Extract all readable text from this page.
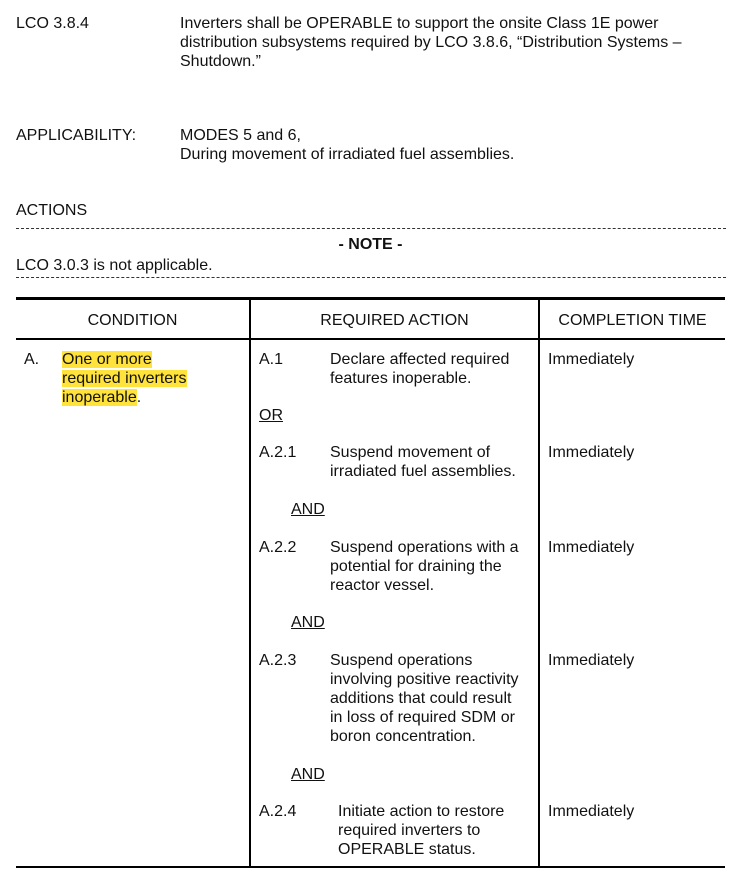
LCO 3.8.4	Inverters shall be OPERABLE to support the onsite Class 1E power
distribution subsystems required by LCO 3.8.6, “Distribution Systems –
Shutdown.”
APPLICABILITY:	MODES 5 and 6,
During movement of irradiated fuel assemblies.
ACTIONS
- NOTE -
LCO 3.0.3 is not applicable.
CONDITION	REQUIRED ACTION	COMPLETION TIME
A. One or more
required inverters
inoperable.
A.1	Declare affected required
features inoperable.
Immediately
OR
A.2.1 Suspend movement of
irradiated fuel assemblies.
Immediately
AND
A.2.2 Suspend operations with a
potential for draining the
reactor vessel.
Immediately
AND
A.2.3 Suspend operations
involving positive reactivity
additions that could result
in loss of required SDM or
boron concentration.
Immediately
AND
A.2.4	Initiate action to restore
required inverters to
OPERABLE status.
Immediately
